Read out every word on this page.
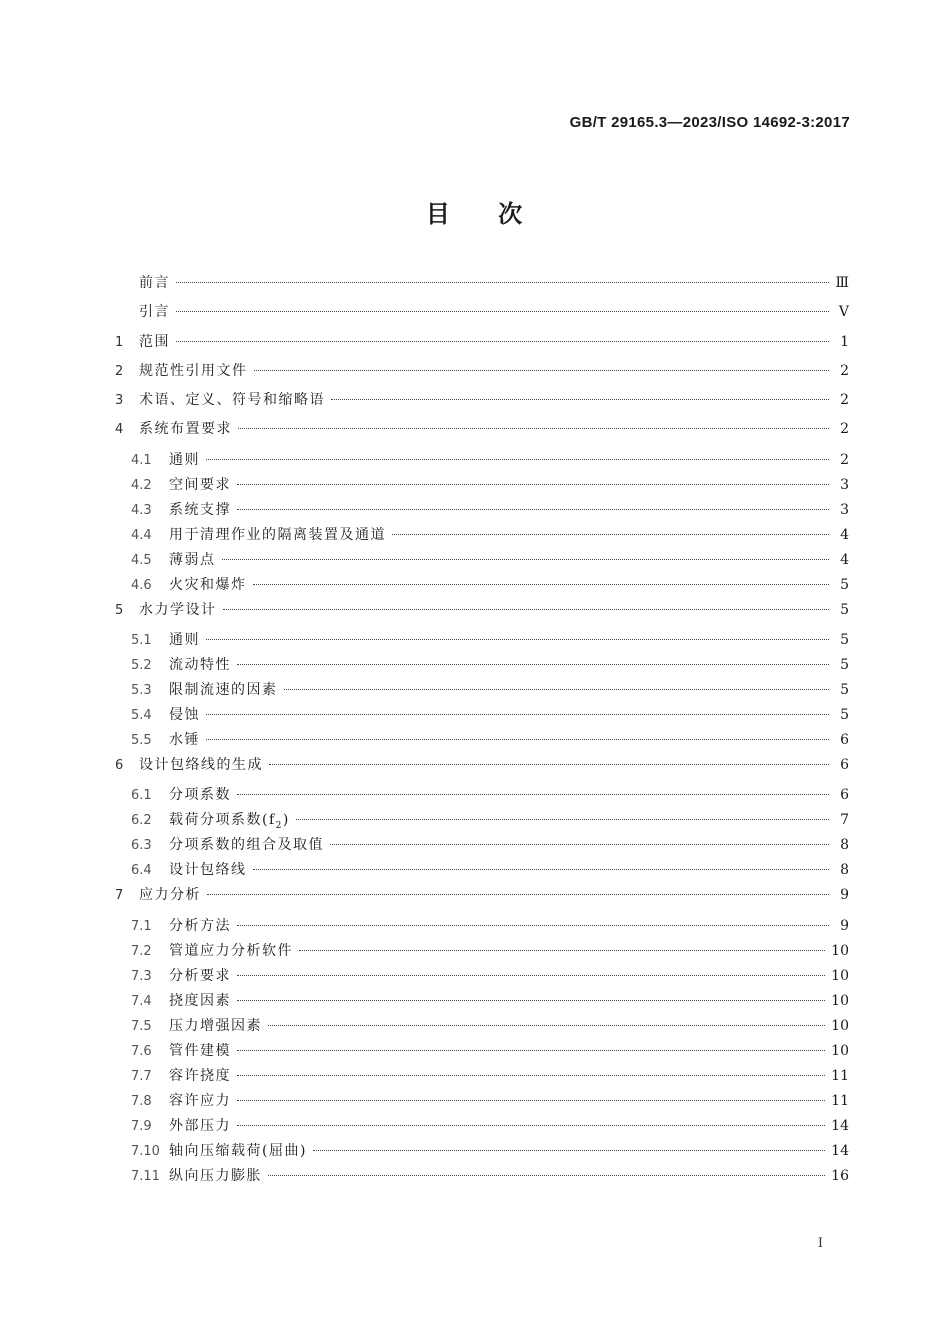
GB/T 29165.3—2023/ISO 14692-3:2017
目 次
前言	Ⅲ
引言	Ⅴ
1	范围	1
2	规范性引用文件	2
3	术语、定义、符号和缩略语	2
4	系统布置要求	2
4.1	通则	2
4.2	空间要求	3
4.3	系统支撑	3
4.4	用于清理作业的隔离装置及通道	4
4.5	薄弱点	4
4.6	火灾和爆炸	5
5	水力学设计	5
5.1	通则	5
5.2	流动特性	5
5.3	限制流速的因素	5
5.4	侵蚀	5
5.5	水锤	6
6	设计包络线的生成	6
6.1	分项系数	6
6.2	载荷分项系数$(f_2)$	7
6.3	分项系数的组合及取值	8
6.4	设计包络线	8
7	应力分析	9
7.1	分析方法	9
7.2	管道应力分析软件	10
7.3	分析要求	10
7.4	挠度因素	10
7.5	压力增强因素	10
7.6	管件建模	10
7.7	容许挠度	11
7.8	容许应力	11
7.9	外部压力	14
7.10 轴向压缩载荷(屈曲)	14
7.11 纵向压力膨胀	16
Ⅰ
